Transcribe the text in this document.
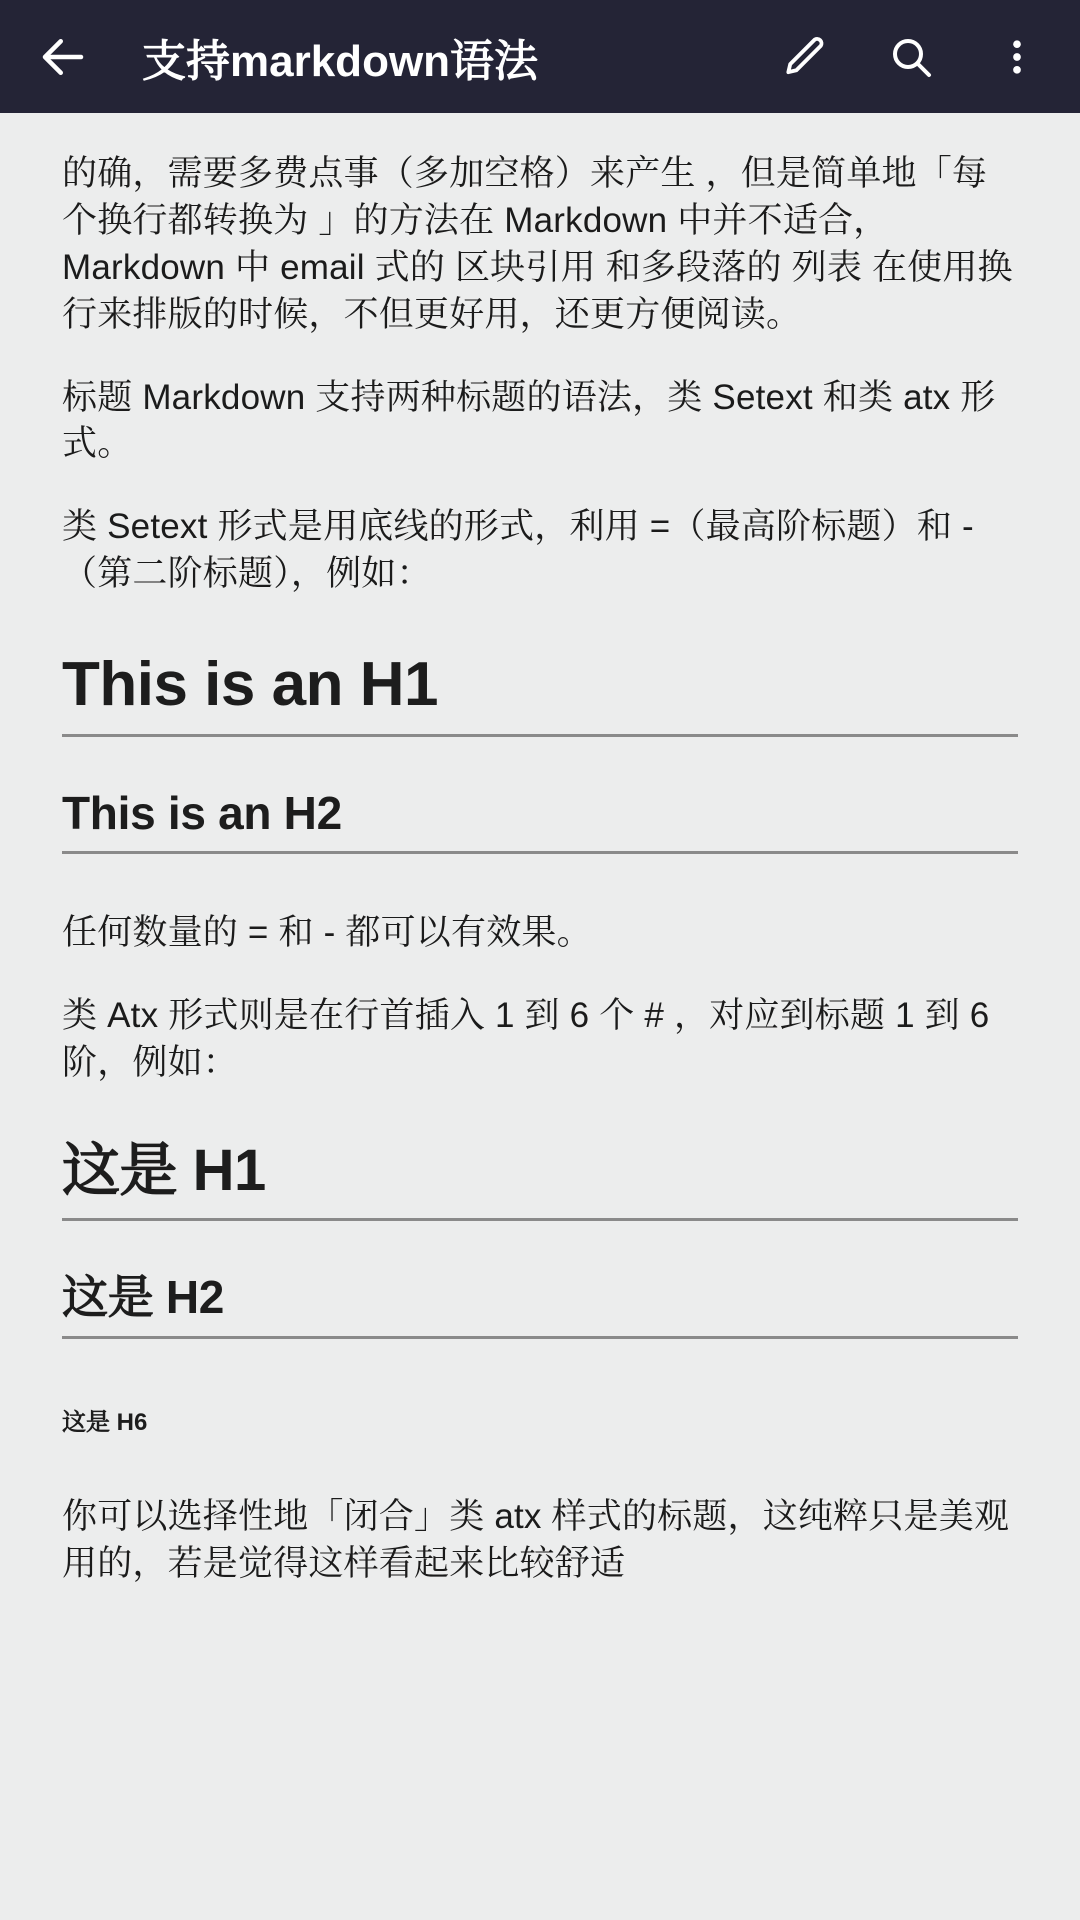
支持markdown语法

的确，需要多费点事（多加空格）来产生 ，但是简单地「每个换行都转换为 」的方法在 Markdown 中并不适合， Markdown 中 email 式的 区块引用 和多段落的 列表 在使用换行来排版的时候，不但更好用，还更方便阅读。

标题 Markdown 支持两种标题的语法，类 Setext 和类 atx 形式。

类 Setext 形式是用底线的形式，利用 =（最高阶标题）和 -（第二阶标题），例如：

This is an H1
This is an H2

任何数量的 = 和 - 都可以有效果。

类 Atx 形式则是在行首插入 1 到 6 个 # ，对应到标题 1 到 6 阶，例如：

这是 H1
这是 H2
这是 H6

你可以选择性地「闭合」类 atx 样式的标题，这纯粹只是美观用的，若是觉得这样看起来比较舒适
